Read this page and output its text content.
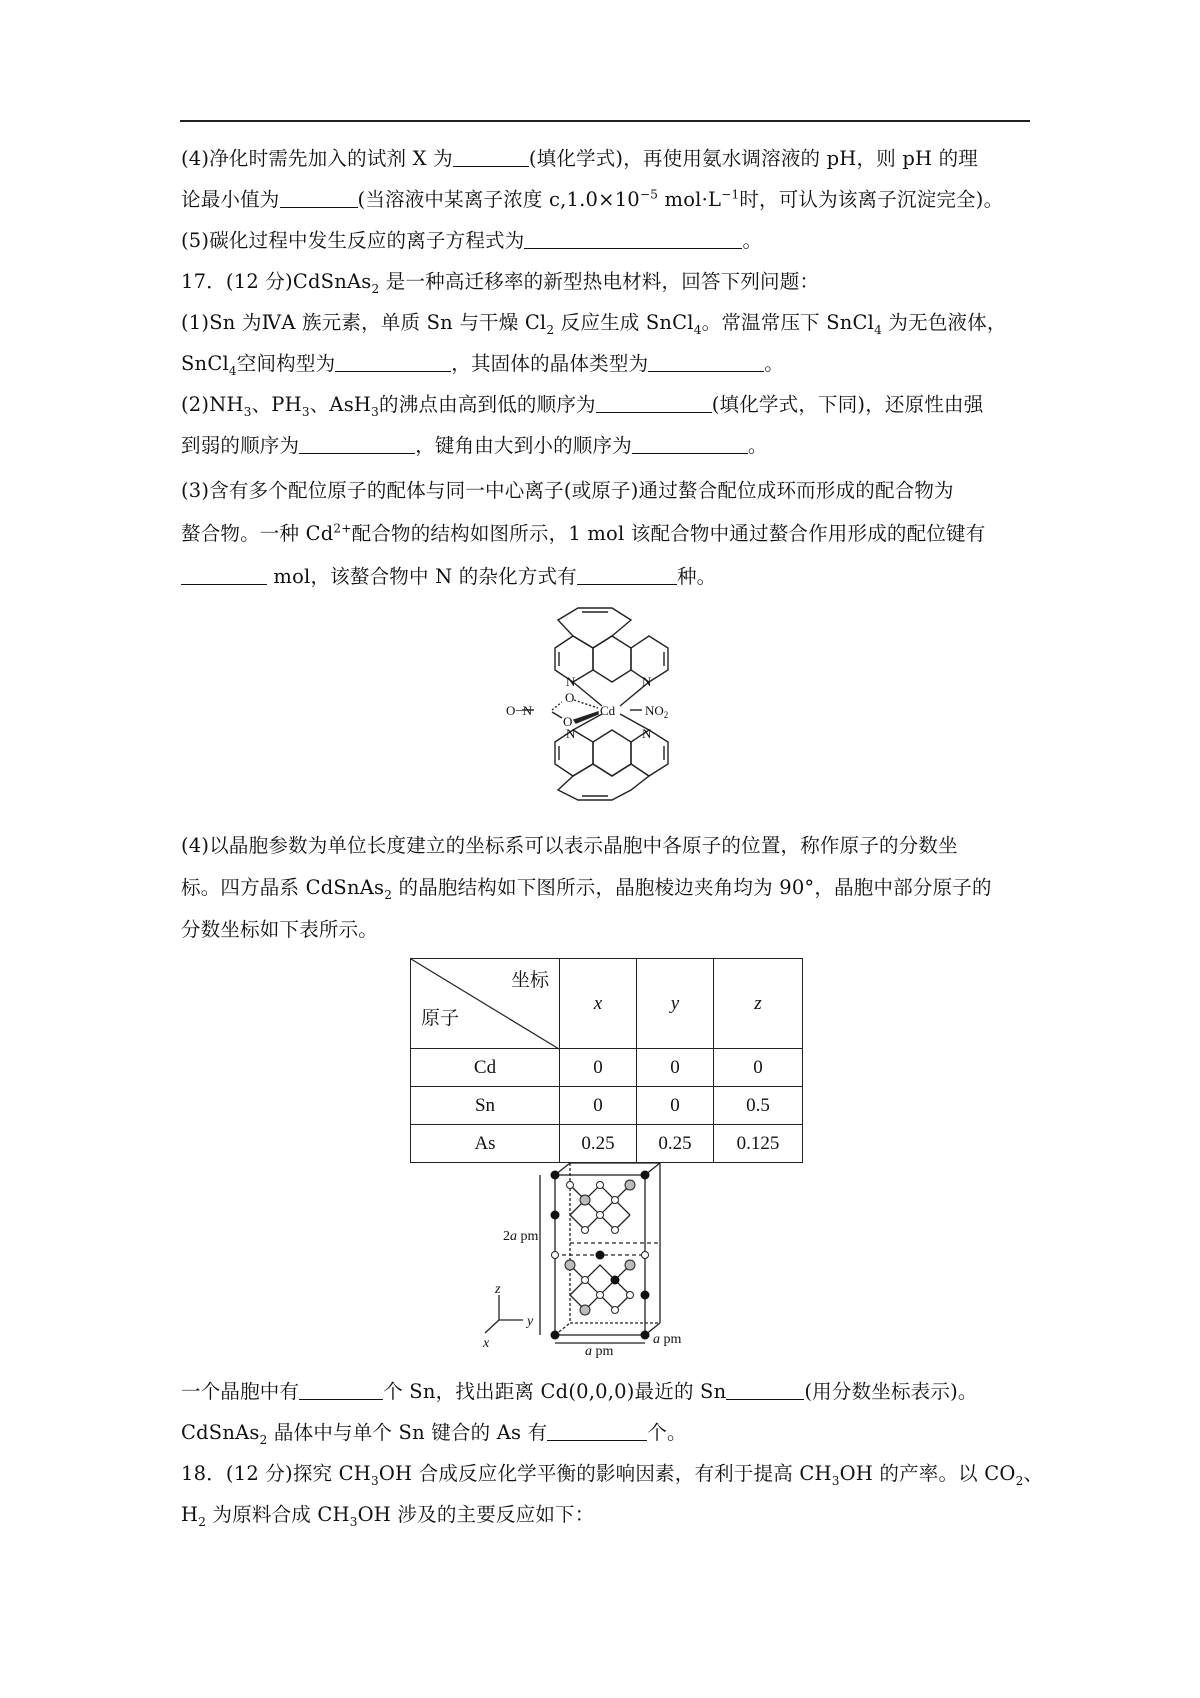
(4)净化时需先加入的试剂 X 为	(填化学式)，再使用氨水调溶液的 pH，则 pH 的理
论最小值为	(当溶液中某离子浓度 $c,1.0\times 10^{-5}$ $mol\cdot L^{-1}$时，可认为该离子沉淀完全)。
(5)碳化过程中发生反应的离子方程式为	。
17．(12 分)CdSnAs$_2$ 是一种高迁移率的新型热电材料，回答下列问题：
(1)Sn 为ⅣA 族元素，单质 Sn 与干燥 $Cl_2$ 反应生成 SnCl$_4$。常温常压下 SnCl$_4$ 为无色液体，
SnCl$_4$空间构型为	，其固体的晶体类型为	。
$(2)NH_3$、$PH_3$、AsH$_3$的沸点由高到低的顺序为	(填化学式，下同)，还原性由强
到弱的顺序为	，键角由大到小的顺序为	。
(3)含有多个配位原子的配体与同一中心离子(或原子)通过螯合配位成环而形成的配合物为
螯合物。一种 $Cd^{2+}$配合物的结构如图所示，1 mol 该配合物中通过螯合作用形成的配位键有
mol，该螯合物中 N 的杂化方式有	种。
N	N
N	N
O
O
Cd
O−N	$NO_2$
(4)以晶胞参数为单位长度建立的坐标系可以表示晶胞中各原子的位置，称作原子的分数坐
标。四方晶系 CdSnAs$_2$ 的晶胞结构如下图所示，晶胞棱边夹角均为 90°，晶胞中部分原子的
分数坐标如下表所示。
坐标
原子	x	y	z
Cd	0	0	0
Sn	0	0	0.5
As	0.25	0.25	0.125
z
y
x
2a pm
a pm
a pm
一个晶胞中有	个 Sn，找出距离 Cd(0,0,0)最近的 Sn	(用分数坐标表示)。
CdSnAs$_2$ 晶体中与单个 Sn 键合的 As 有	个。
18．(12 分)探究 $CH_3OH$ 合成反应化学平衡的影响因素，有利于提高 $CH_3OH$ 的产率。以 $CO_2$、
$H_2$ 为原料合成 $CH_3OH$ 涉及的主要反应如下：
